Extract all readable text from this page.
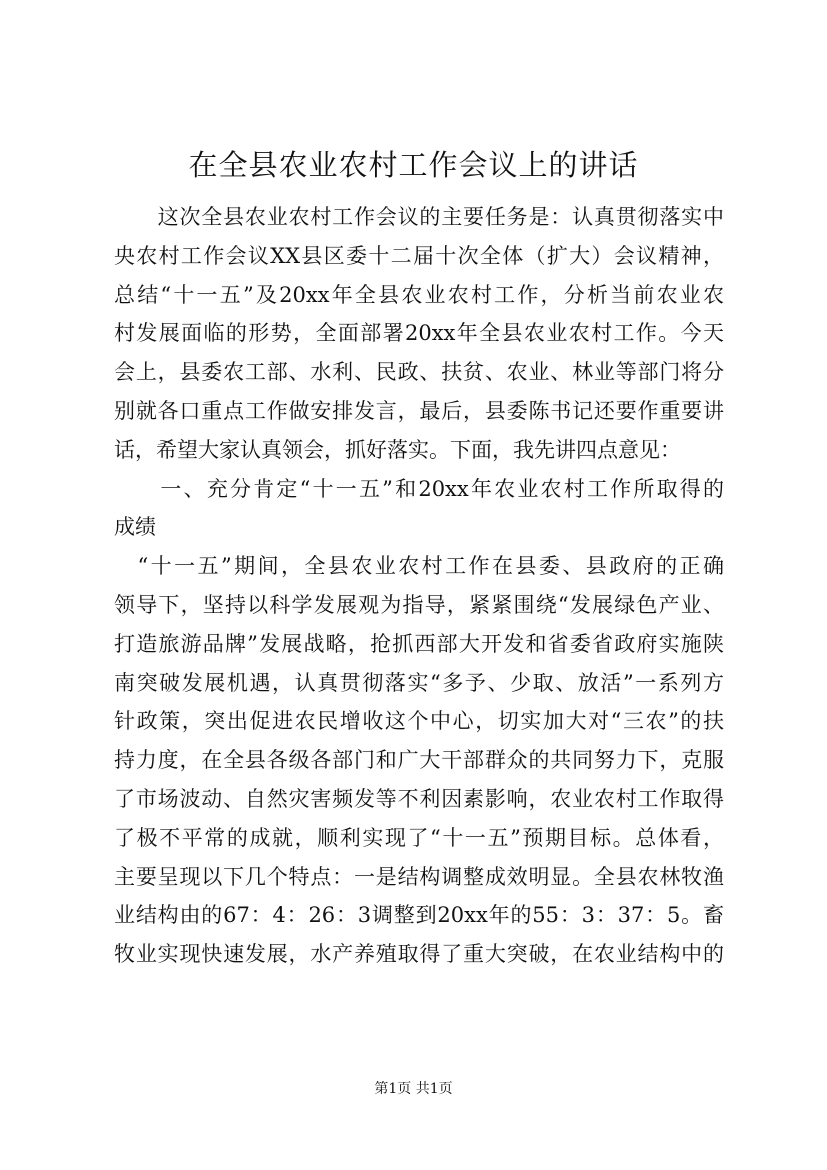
在全县农业农村工作会议上的讲话
　　这次全县农业农村工作会议的主要任务是：认真贯彻落实中
央农村工作会议XX县区委十二届十次全体（扩大）会议精神，
总结“十一五”及20xx年全县农业农村工作，分析当前农业农
村发展面临的形势，全面部署20xx年全县农业农村工作。今天
会上，县委农工部、水利、民政、扶贫、农业、林业等部门将分
别就各口重点工作做安排发言，最后，县委陈书记还要作重要讲
话，希望大家认真领会，抓好落实。下面，我先讲四点意见：
　　一、充分肯定“十一五”和20xx年农业农村工作所取得的
成绩
　“十一五”期间，全县农业农村工作在县委、县政府的正确
领导下，坚持以科学发展观为指导，紧紧围绕“发展绿色产业、
打造旅游品牌”发展战略，抢抓西部大开发和省委省政府实施陕
南突破发展机遇，认真贯彻落实“多予、少取、放活”一系列方
针政策，突出促进农民增收这个中心，切实加大对“三农”的扶
持力度，在全县各级各部门和广大干部群众的共同努力下，克服
了市场波动、自然灾害频发等不利因素影响，农业农村工作取得
了极不平常的成就，顺利实现了“十一五”预期目标。总体看，
主要呈现以下几个特点：一是结构调整成效明显。全县农林牧渔
业结构由的67：4：26：3调整到20xx年的55：3：37：5。畜
牧业实现快速发展，水产养殖取得了重大突破，在农业结构中的
第1页 共1页
